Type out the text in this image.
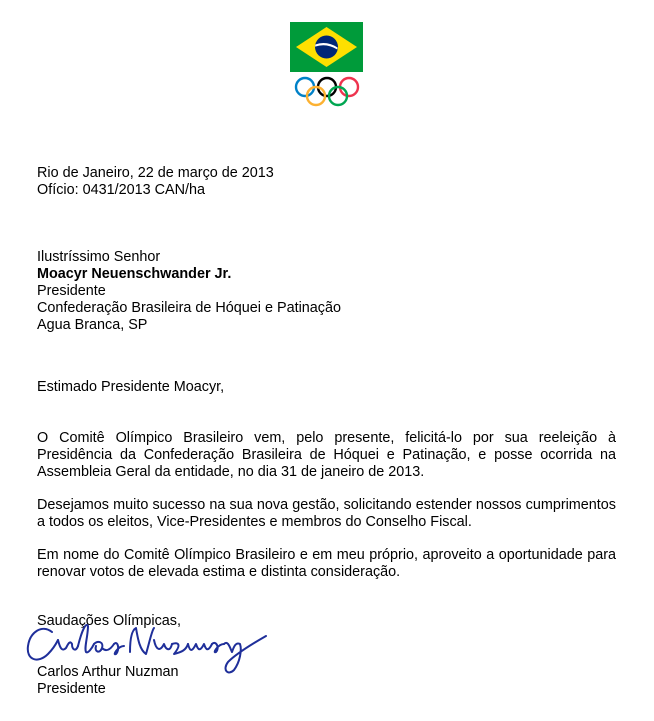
Rio de Janeiro, 22 de março de 2013
Ofício: 0431/2013 CAN/ha
Ilustríssimo Senhor
Moacyr Neuenschwander Jr.
Presidente
Confederação Brasileira de Hóquei e Patinação
Agua Branca, SP
Estimado Presidente Moacyr,
O Comitê Olímpico Brasileiro vem, pelo presente, felicitá-lo por sua reeleição à Presidência da Confederação Brasileira de Hóquei e Patinação, e posse ocorrida na Assembleia Geral da entidade, no dia 31 de janeiro de 2013.
Desejamos muito sucesso na sua nova gestão, solicitando estender nossos cumprimentos a todos os eleitos, Vice-Presidentes e membros do Conselho Fiscal.
Em nome do Comitê Olímpico Brasileiro e em meu próprio, aproveito a oportunidade para renovar votos de elevada estima e distinta consideração.
Saudações Olímpicas,
Carlos Arthur Nuzman
Presidente
